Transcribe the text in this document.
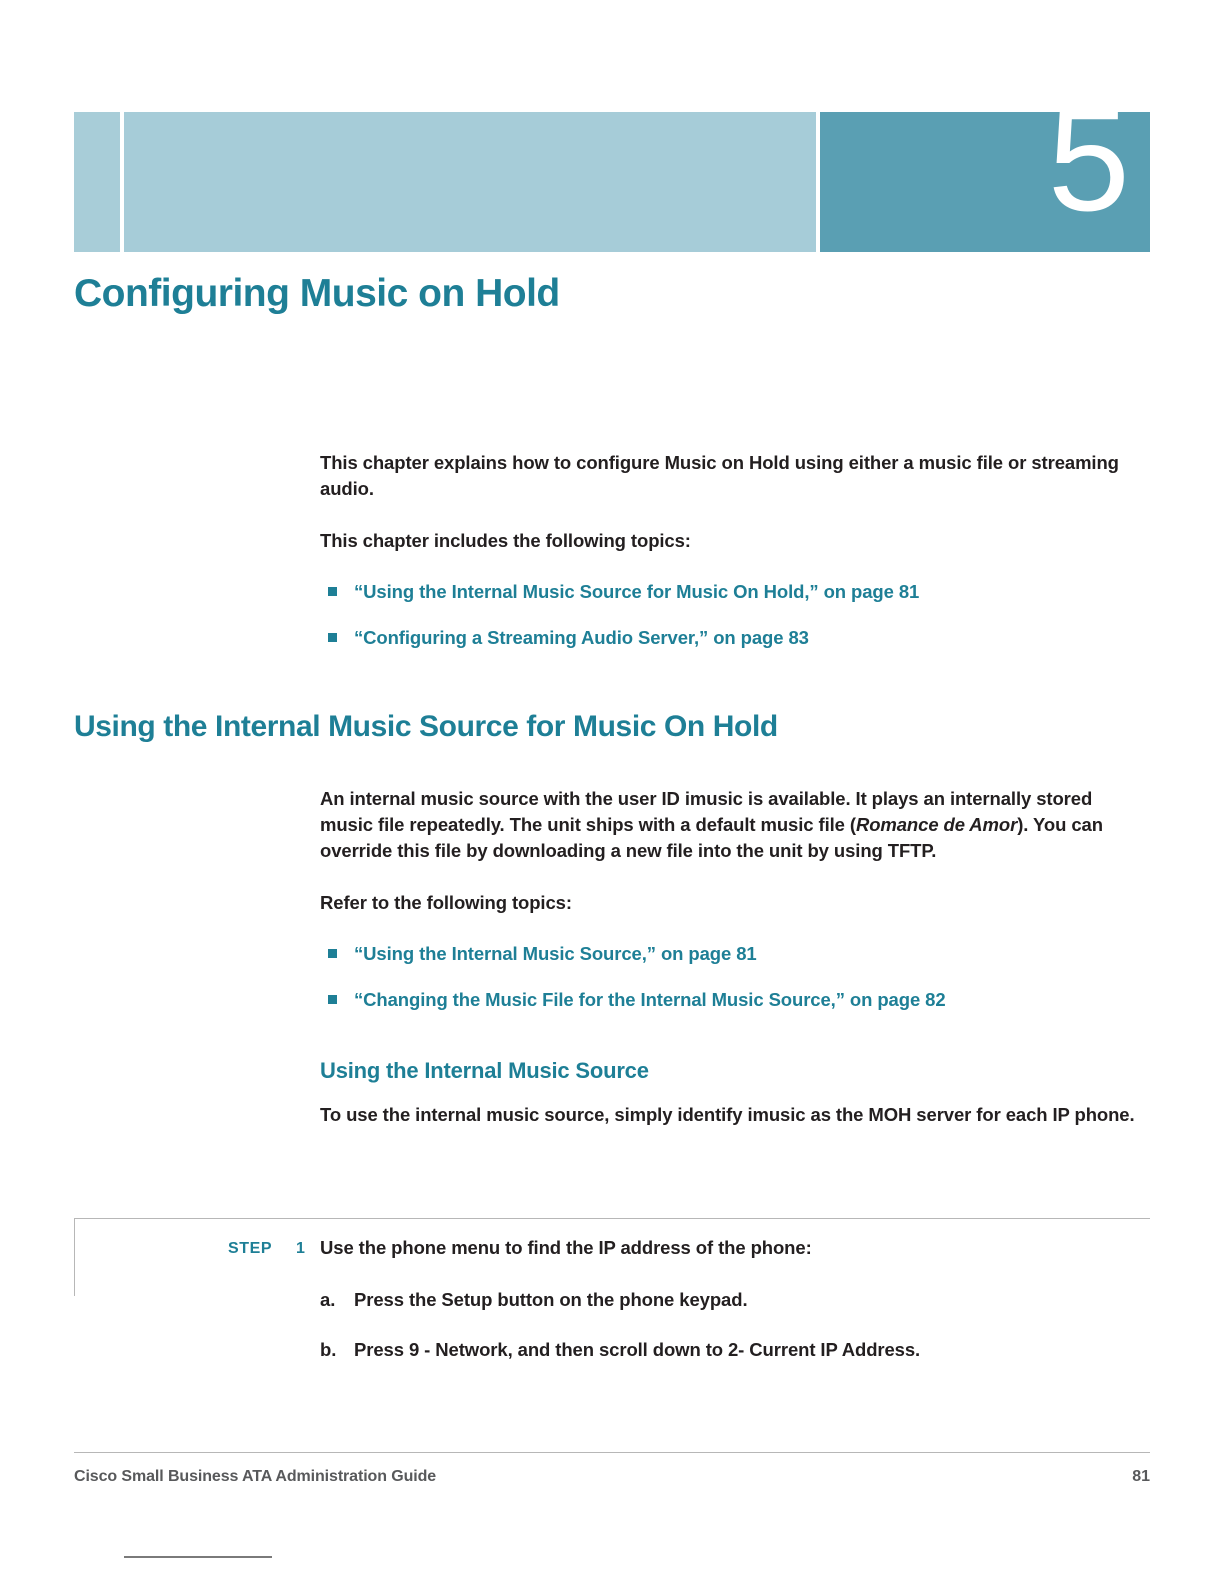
5
Configuring Music on Hold

This chapter explains how to configure Music on Hold using either a music file or streaming audio.

This chapter includes the following topics:

“Using the Internal Music Source for Music On Hold,” on page 81
“Configuring a Streaming Audio Server,” on page 83
Using the Internal Music Source for Music On Hold

An internal music source with the user ID imusic is available. It plays an internally stored music file repeatedly. The unit ships with a default music file (Romance de Amor). You can override this file by downloading a new file into the unit by using TFTP.

Refer to the following topics:

“Using the Internal Music Source,” on page 81
“Changing the Music File for the Internal Music Source,” on page 82
Using the Internal Music Source

To use the internal music source, simply identify imusic as the MOH server for each IP phone.

STEP 1 Use the phone menu to find the IP address of the phone:

a. Press the Setup button on the phone keypad.
b. Press 9 - Network, and then scroll down to 2- Current IP Address.
Cisco Small Business ATA Administration Guide	81
